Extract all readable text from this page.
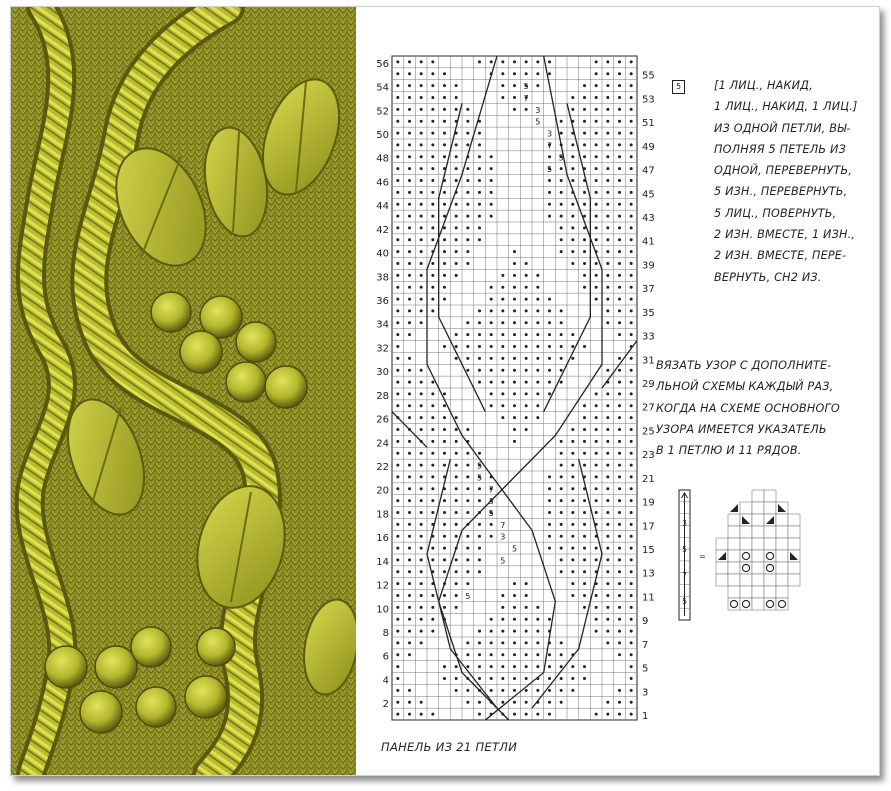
5
5
7
3
5
7
3
5
5
5
7
3
5
3
7
5
5
5
56
54
52
50
48
46
44
42
40
38
36
34
32
30
28
26
24
22
20
18
16
14
12
10
8
6
4
2
55
53
51
49
47
45
43
41
39
37
35
33
31
29
27
25
23
21
19
17
15
13
11
9
7
5
3
1
3
5
7
5
=
5	[1 ЛИЦ., НАКИД,
1 ЛИЦ., НАКИД, 1 ЛИЦ.]
ИЗ ОДНОЙ ПЕТЛИ, ВЫ-
ПОЛНЯЯ 5 ПЕТЕЛЬ ИЗ
ОДНОЙ, ПЕРЕВЕРНУТЬ,
5 ИЗН., ПЕРЕВЕРНУТЬ,
5 ЛИЦ., ПОВЕРНУТЬ,
2 ИЗН. ВМЕСТЕ, 1 ИЗН.,
2 ИЗН. ВМЕСТЕ, ПЕРЕ-
ВЕРНУТЬ, СН2 ИЗ.
ВЯЗАТЬ УЗОР С ДОПОЛНИТЕ-
ЛЬНОЙ СХЕМЫ КАЖДЫЙ РАЗ,
КОГДА НА СХЕМЕ ОСНОВНОГО
УЗОРА ИМЕЕТСЯ УКАЗАТЕЛЬ
В 1 ПЕТЛЮ И 11 РЯДОВ.
ПАНЕЛЬ ИЗ 21 ПЕТЛИ
